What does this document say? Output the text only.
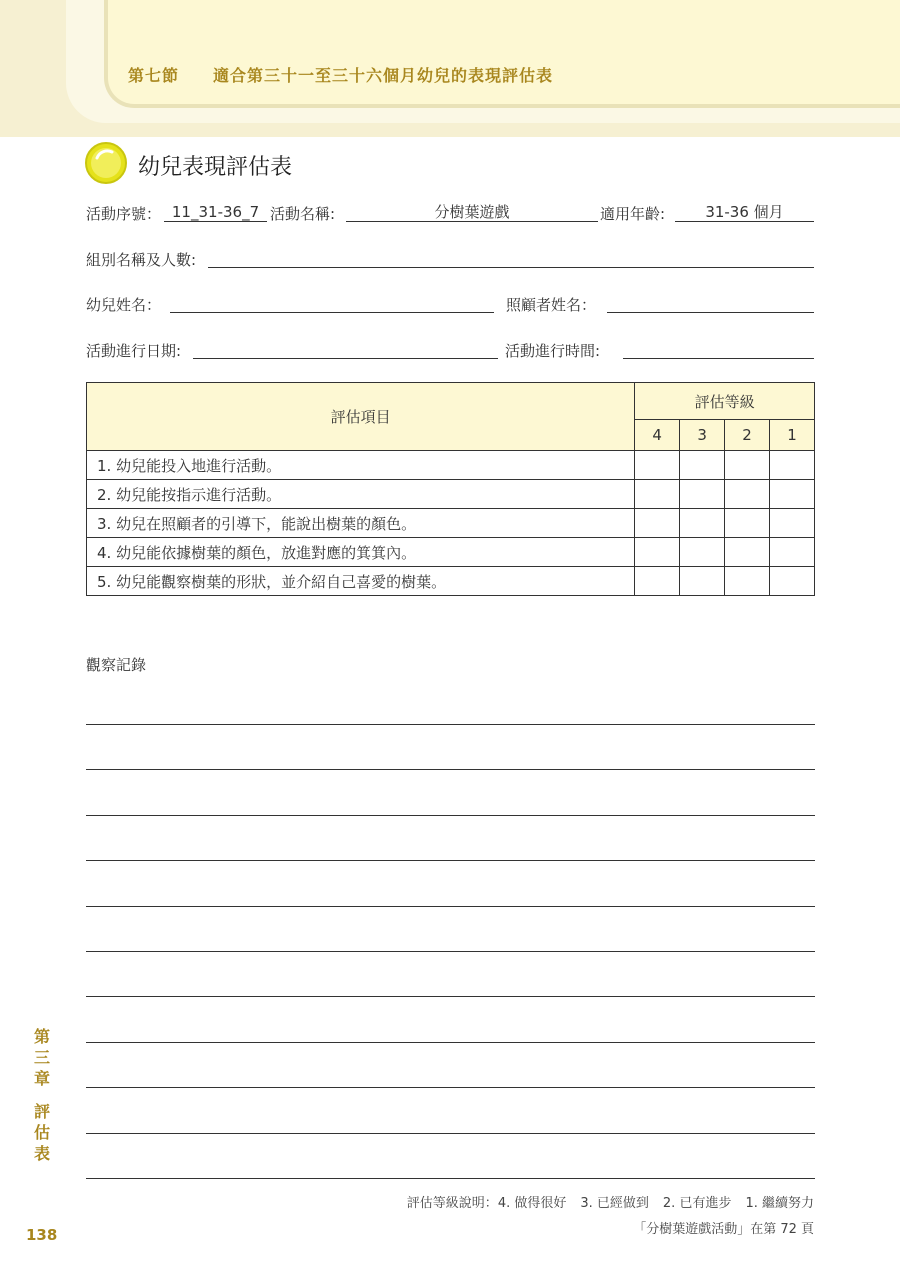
第七節 適合第三十一至三十六個月幼兒的表現評估表
幼兒表現評估表
活動序號： 11_31-36_7 活動名稱:	分樹葉遊戲	適用年齡:	31-36 個月
組別名稱及人數:
幼兒姓名：	照顧者姓名：
活動進行日期:	活動進行時間:
評估項目	評估等級			
	4	3	2	1
1. 幼兒能投入地進行活動。				
2. 幼兒能按指示進行活動。				
3. 幼兒在照顧者的引導下，能說出樹葉的顏色。				
4. 幼兒能依據樹葉的顏色，放進對應的箕箕內。				
5. 幼兒能觀察樹葉的形狀，並介紹自己喜愛的樹葉。				
觀察記錄
評估等級說明：4. 做得很好 3. 已經做到 2. 已有進步 1. 繼續努力
「分樹葉遊戲活動」在第 72 頁
第
三
章
評
估
表
138
